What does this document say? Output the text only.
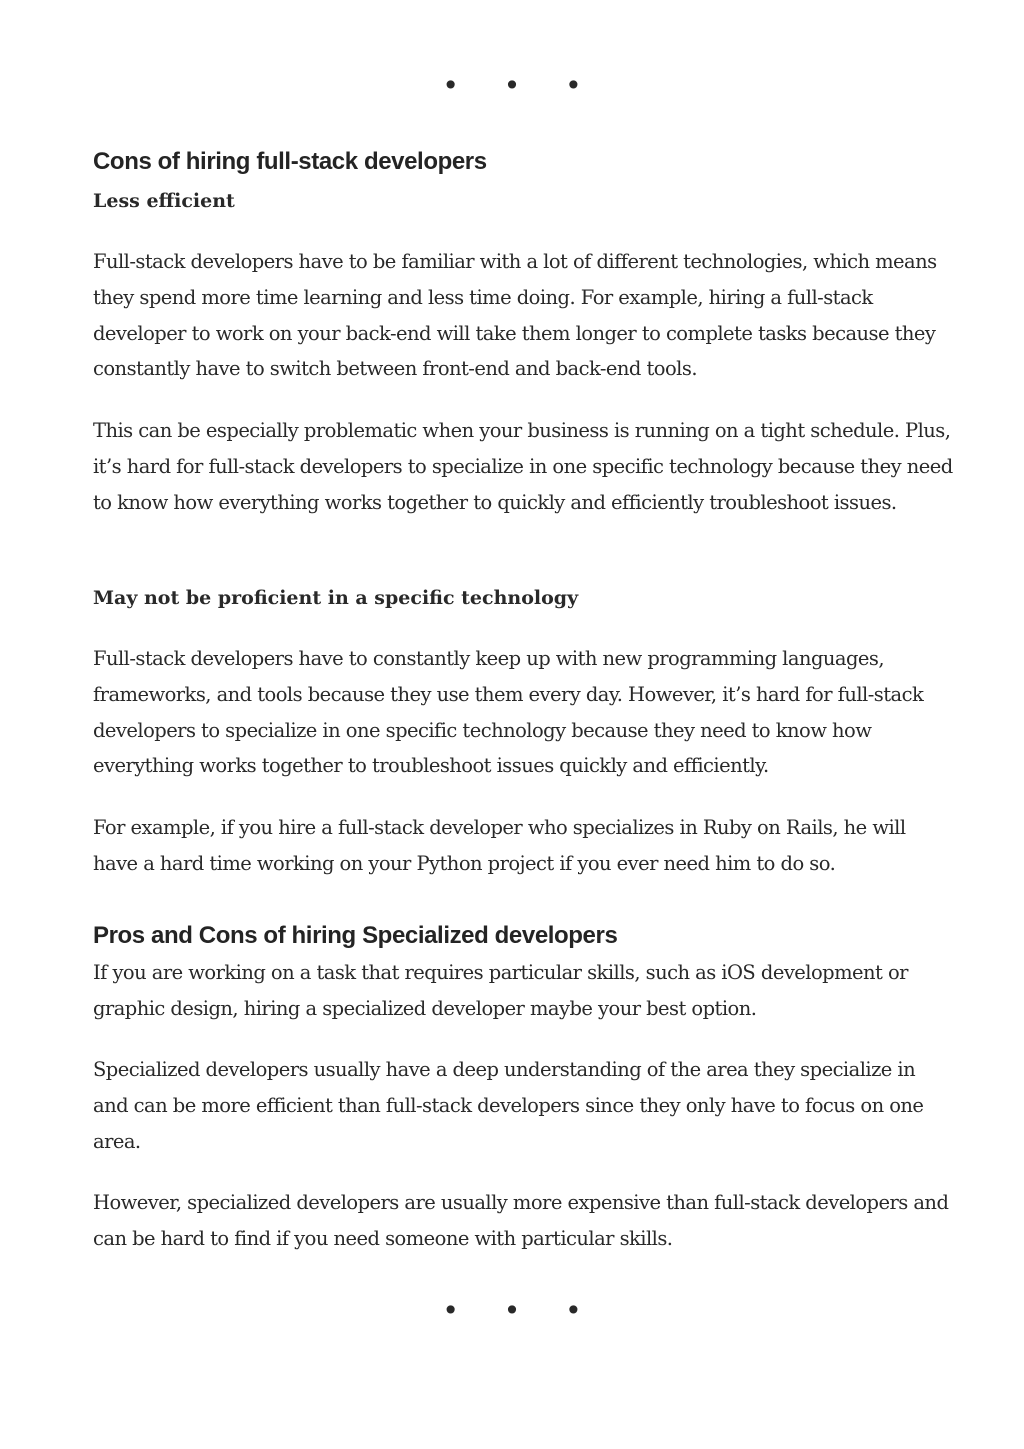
• • •
Cons of hiring full-stack developers
Less efficient

Full-stack developers have to be familiar with a lot of different technologies, which means they spend more time learning and less time doing. For example, hiring a full-stack developer to work on your back-end will take them longer to complete tasks because they constantly have to switch between front-end and back-end tools.

This can be especially problematic when your business is running on a tight schedule. Plus, it’s hard for full-stack developers to specialize in one specific technology because they need to know how everything works together to quickly and efficiently troubleshoot issues.

May not be proficient in a specific technology

Full-stack developers have to constantly keep up with new programming languages, frameworks, and tools because they use them every day. However, it’s hard for full-stack developers to specialize in one specific technology because they need to know how everything works together to troubleshoot issues quickly and efficiently.

For example, if you hire a full-stack developer who specializes in Ruby on Rails, he will have a hard time working on your Python project if you ever need him to do so.

Pros and Cons of hiring Specialized developers

If you are working on a task that requires particular skills, such as iOS development or graphic design, hiring a specialized developer maybe your best option.

Specialized developers usually have a deep understanding of the area they specialize in and can be more efficient than full-stack developers since they only have to focus on one area.

However, specialized developers are usually more expensive than full-stack developers and can be hard to find if you need someone with particular skills.

• • •
